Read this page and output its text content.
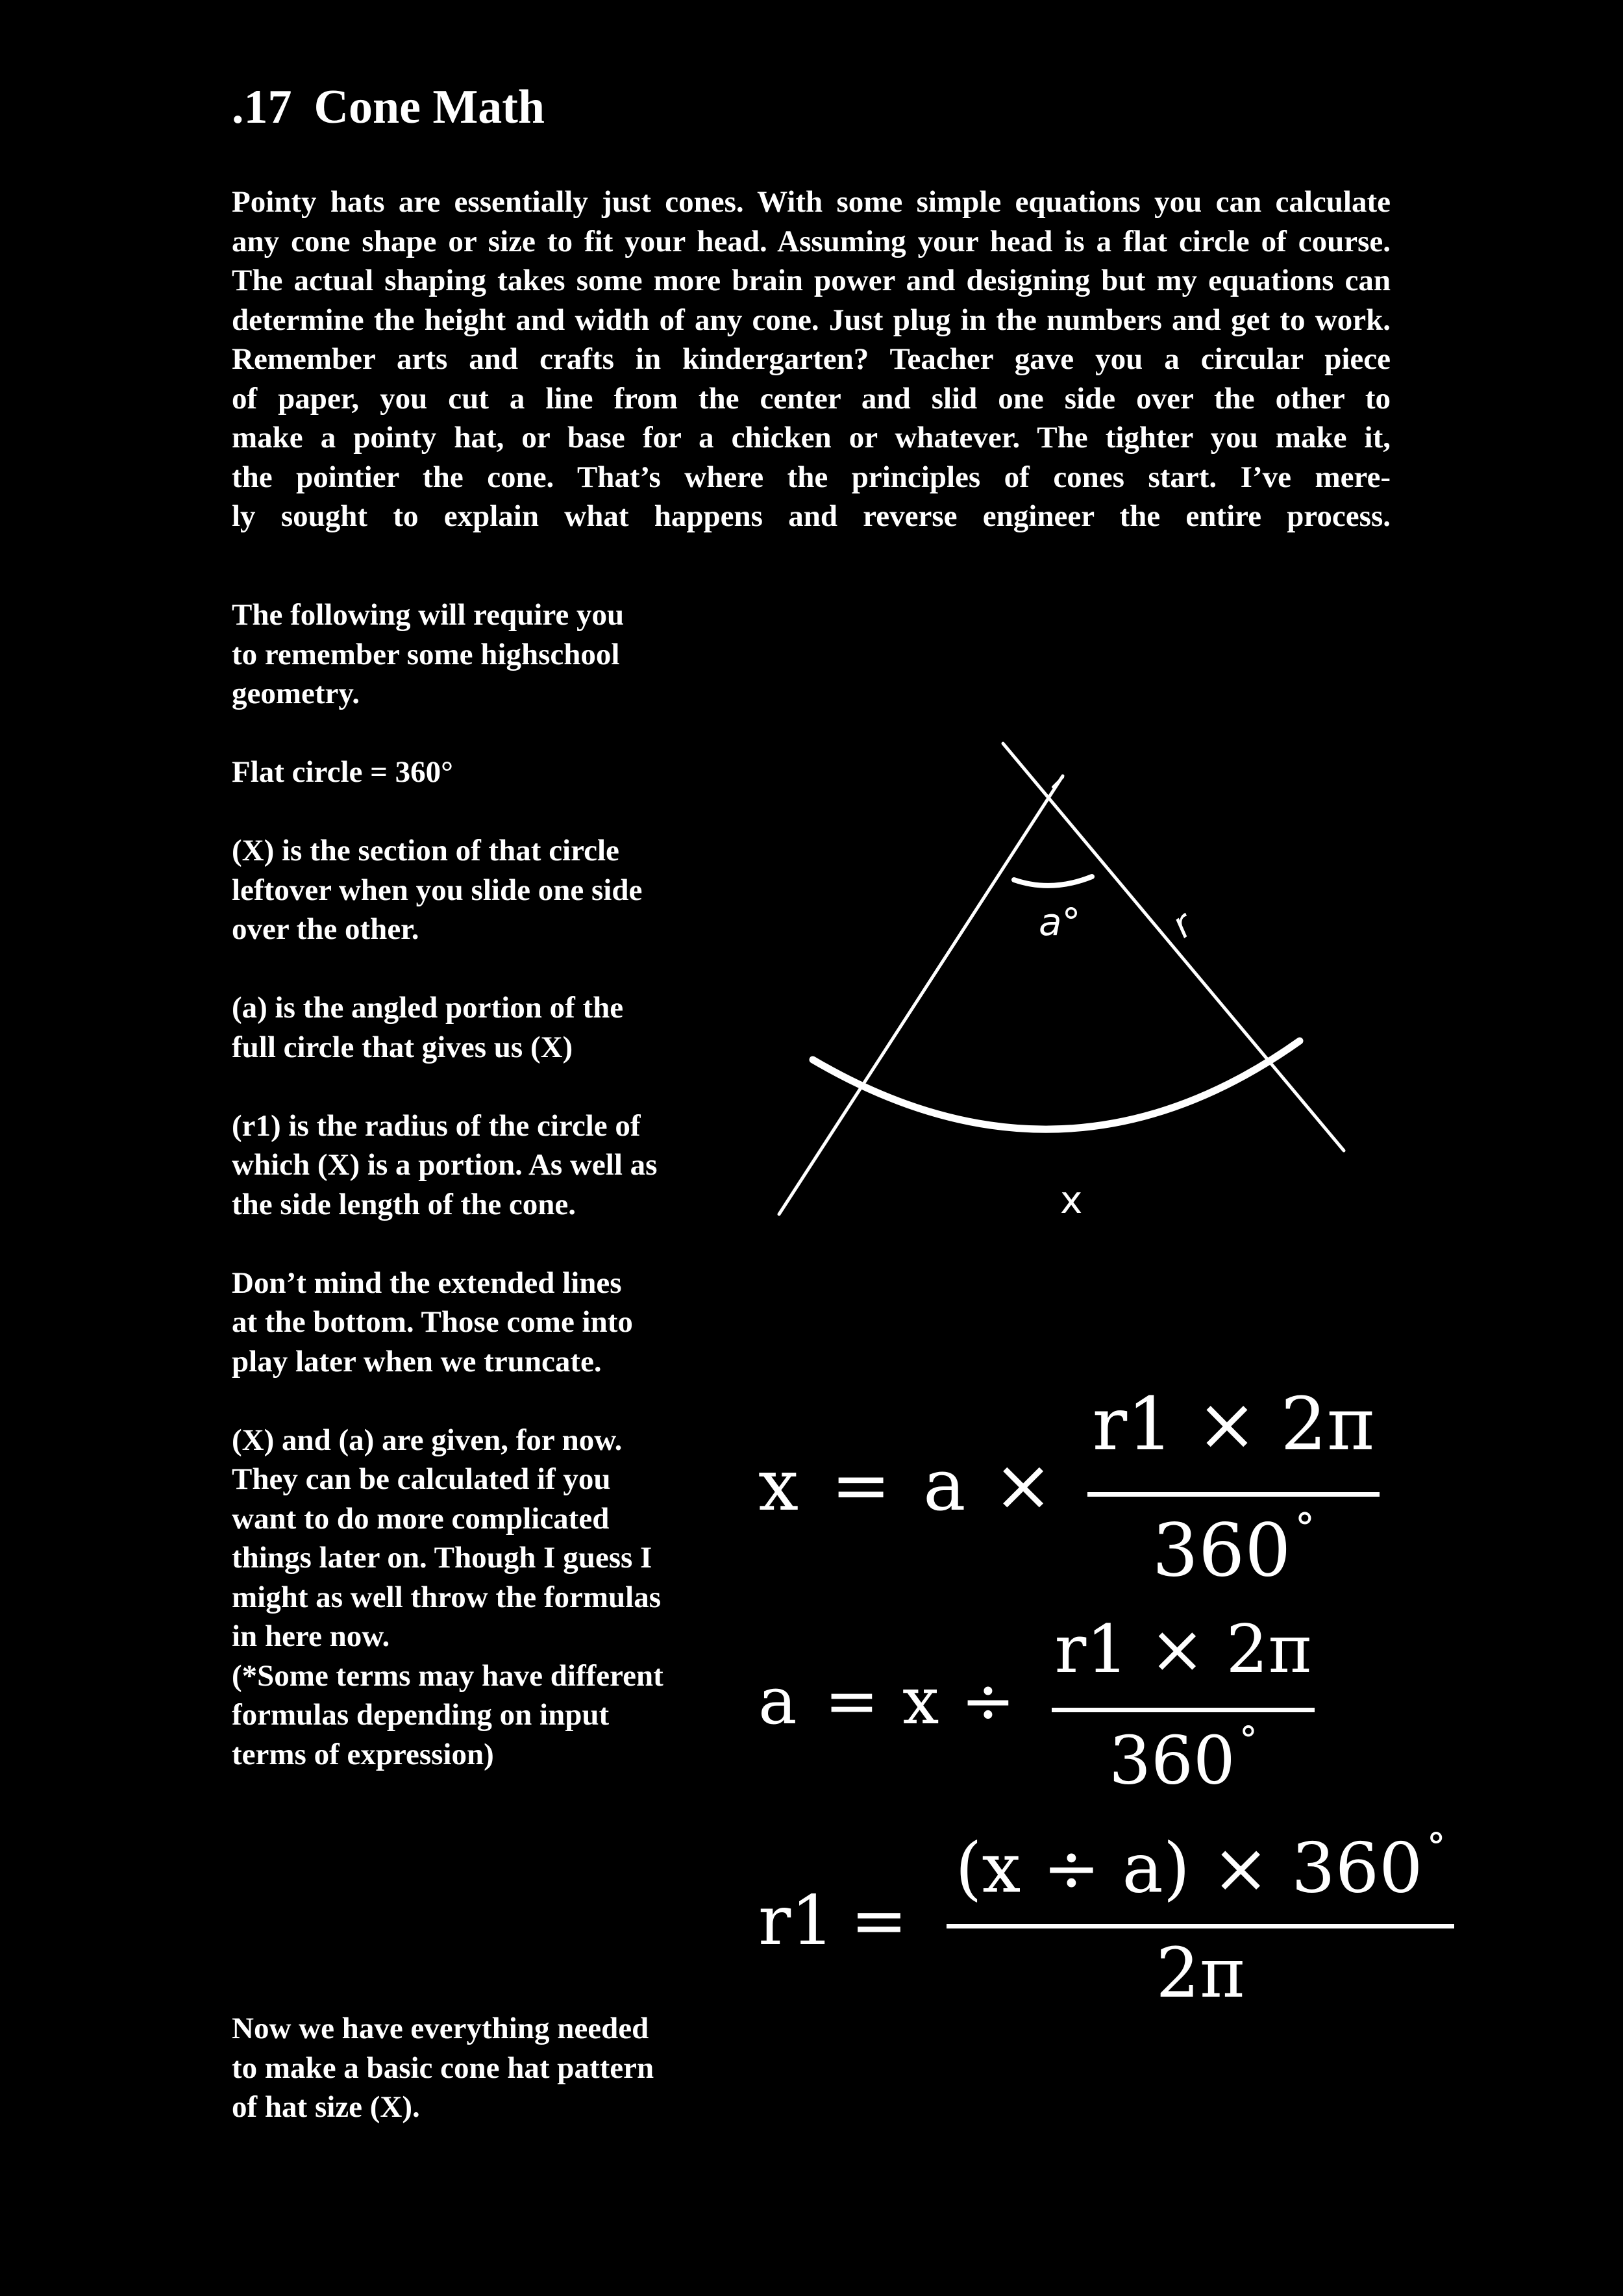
.17 Cone Math
Pointy hats are essentially just cones. With some simple equations you can calculate
any cone shape or size to fit your head. Assuming your head is a flat circle of course.
The actual shaping takes some more brain power and designing but my equations can
determine the height and width of any cone. Just plug in the numbers and get to work.
Remember arts and crafts in kindergarten? Teacher gave you a circular piece
of paper, you cut a line from the center and slid one side over the other to
make a pointy hat, or base for a chicken or whatever. The tighter you make it,
the pointier the cone. That’s where the principles of cones start. I’ve mere-
ly sought to explain what happens and reverse engineer the entire process.

The following will require you
to remember some highschool
geometry.

Flat circle = 360°

(X) is the section of that circle
leftover when you slide one side
over the other.

(a) is the angled portion of the
full circle that gives us (X)

(r1) is the radius of the circle of
which (X) is a portion. As well as
the side length of the cone.

Don’t mind the extended lines
at the bottom. Those come into
play later when we truncate.

(X) and (a) are given, for now.
They can be calculated if you
want to do more complicated
things later on. Though I guess I
might as well throw the formulas
in here now.
(*Some terms may have different
formulas depending on input
terms of expression)

Now we have everything needed
to make a basic cone hat pattern
of hat size (X).
a° r
x
x = a ×
r1 × 2π
360°
a = x ÷
r1 × 2π
360 °
r1 =
(x ÷ a) × 360 °
2π
